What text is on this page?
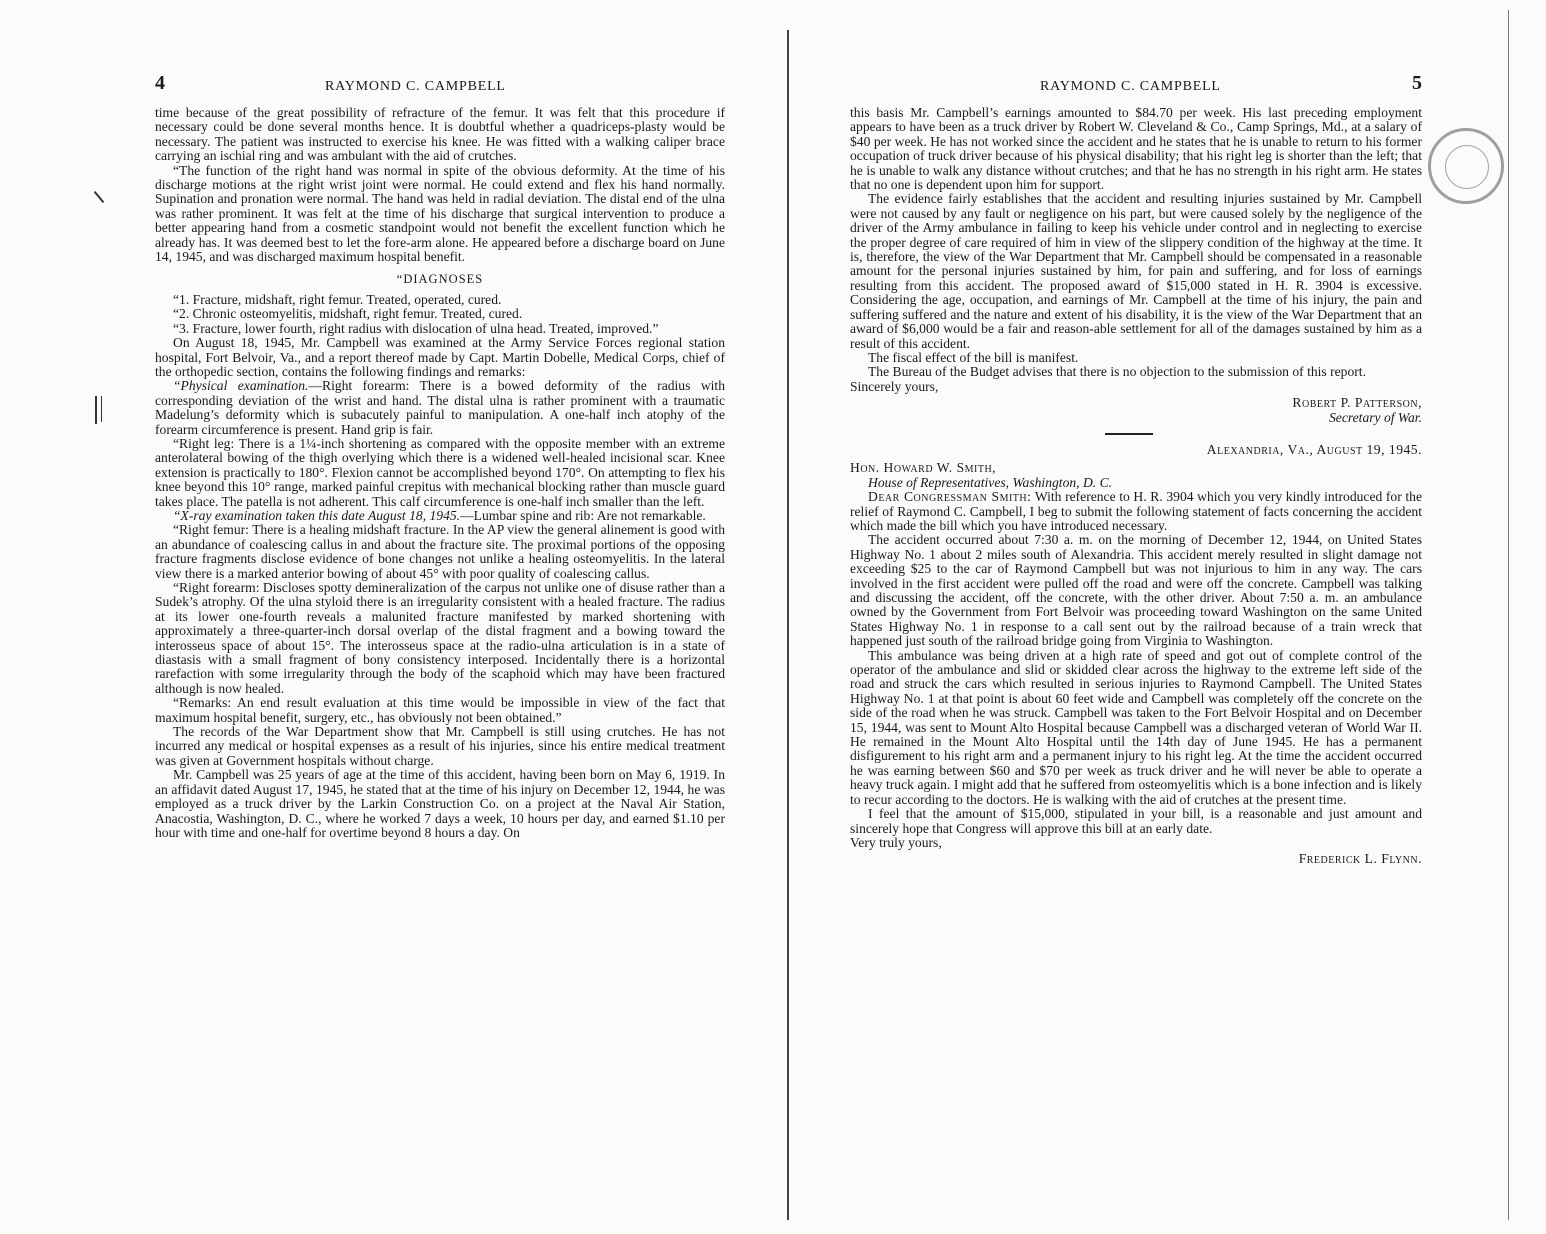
4	RAYMOND C. CAMPBELL

time because of the great possibility of refracture of the femur. It was felt that this procedure if necessary could be done several months hence. It is doubtful whether a quadriceps-plasty would be necessary. The patient was instructed to exercise his knee. He was fitted with a walking caliper brace carrying an ischial ring and was ambulant with the aid of crutches.

“The function of the right hand was normal in spite of the obvious deformity. At the time of his discharge motions at the right wrist joint were normal. He could extend and flex his hand normally. Supination and pronation were normal. The hand was held in radial deviation. The distal end of the ulna was rather prominent. It was felt at the time of his discharge that surgical intervention to produce a better appearing hand from a cosmetic standpoint would not benefit the excellent function which he already has. It was deemed best to let the fore-arm alone. He appeared before a discharge board on June 14, 1945, and was discharged maximum hospital benefit.

“DIAGNOSES

“1. Fracture, midshaft, right femur. Treated, operated, cured.

“2. Chronic osteomyelitis, midshaft, right femur. Treated, cured.

“3. Fracture, lower fourth, right radius with dislocation of ulna head. Treated, improved.”

On August 18, 1945, Mr. Campbell was examined at the Army Service Forces regional station hospital, Fort Belvoir, Va., and a report thereof made by Capt. Martin Dobelle, Medical Corps, chief of the orthopedic section, contains the following findings and remarks:

“Physical examination.—Right forearm: There is a bowed deformity of the radius with corresponding deviation of the wrist and hand. The distal ulna is rather prominent with a traumatic Madelung’s deformity which is subacutely painful to manipulation. A one-half inch atophy of the forearm circumference is present. Hand grip is fair.

“Right leg: There is a 1¼-inch shortening as compared with the opposite member with an extreme anterolateral bowing of the thigh overlying which there is a widened well-healed incisional scar. Knee extension is practically to 180°. Flexion cannot be accomplished beyond 170°. On attempting to flex his knee beyond this 10° range, marked painful crepitus with mechanical blocking rather than muscle guard takes place. The patella is not adherent. This calf circumference is one-half inch smaller than the left.

“X-ray examination taken this date August 18, 1945.—Lumbar spine and rib: Are not remarkable.

“Right femur: There is a healing midshaft fracture. In the AP view the general alinement is good with an abundance of coalescing callus in and about the fracture site. The proximal portions of the opposing fracture fragments disclose evidence of bone changes not unlike a healing osteomyelitis. In the lateral view there is a marked anterior bowing of about 45° with poor quality of coalescing callus.

“Right forearm: Discloses spotty demineralization of the carpus not unlike one of disuse rather than a Sudek’s atrophy. Of the ulna styloid there is an irregularity consistent with a healed fracture. The radius at its lower one-fourth reveals a malunited fracture manifested by marked shortening with approximately a three-quarter-inch dorsal overlap of the distal fragment and a bowing toward the interosseus space of about 15°. The interosseus space at the radio-ulna articulation is in a state of diastasis with a small fragment of bony consistency interposed. Incidentally there is a horizontal rarefaction with some irregularity through the body of the scaphoid which may have been fractured although is now healed.

“Remarks: An end result evaluation at this time would be impossible in view of the fact that maximum hospital benefit, surgery, etc., has obviously not been obtained.”

The records of the War Department show that Mr. Campbell is still using crutches. He has not incurred any medical or hospital expenses as a result of his injuries, since his entire medical treatment was given at Government hospitals without charge.

Mr. Campbell was 25 years of age at the time of this accident, having been born on May 6, 1919. In an affidavit dated August 17, 1945, he stated that at the time of his injury on December 12, 1944, he was employed as a truck driver by the Larkin Construction Co. on a project at the Naval Air Station, Anacostia, Washington, D. C., where he worked 7 days a week, 10 hours per day, and earned $1.10 per hour with time and one-half for overtime beyond 8 hours a day. On

RAYMOND C. CAMPBELL	5

this basis Mr. Campbell’s earnings amounted to $84.70 per week. His last preceding employment appears to have been as a truck driver by Robert W. Cleveland & Co., Camp Springs, Md., at a salary of $40 per week. He has not worked since the accident and he states that he is unable to return to his former occupation of truck driver because of his physical disability; that his right leg is shorter than the left; that he is unable to walk any distance without crutches; and that he has no strength in his right arm. He states that no one is dependent upon him for support.

The evidence fairly establishes that the accident and resulting injuries sustained by Mr. Campbell were not caused by any fault or negligence on his part, but were caused solely by the negligence of the driver of the Army ambulance in failing to keep his vehicle under control and in neglecting to exercise the proper degree of care required of him in view of the slippery condition of the highway at the time. It is, therefore, the view of the War Department that Mr. Campbell should be compensated in a reasonable amount for the personal injuries sustained by him, for pain and suffering, and for loss of earnings resulting from this accident. The proposed award of $15,000 stated in H. R. 3904 is excessive. Considering the age, occupation, and earnings of Mr. Campbell at the time of his injury, the pain and suffering suffered and the nature and extent of his disability, it is the view of the War Department that an award of $6,000 would be a fair and reason-able settlement for all of the damages sustained by him as a result of this accident.

The fiscal effect of the bill is manifest.

The Bureau of the Budget advises that there is no objection to the submission of this report.

Sincerely yours,

Robert P. Patterson,
Secretary of War.
Alexandria, Va., August 19, 1945.
Hon. Howard W. Smith,
House of Representatives, Washington, D. C.

Dear Congressman Smith: With reference to H. R. 3904 which you very kindly introduced for the relief of Raymond C. Campbell, I beg to submit the following statement of facts concerning the accident which made the bill which you have introduced necessary.

The accident occurred about 7:30 a. m. on the morning of December 12, 1944, on United States Highway No. 1 about 2 miles south of Alexandria. This accident merely resulted in slight damage not exceeding $25 to the car of Raymond Campbell but was not injurious to him in any way. The cars involved in the first accident were pulled off the road and were off the concrete. Campbell was talking and discussing the accident, off the concrete, with the other driver. About 7:50 a. m. an ambulance owned by the Government from Fort Belvoir was proceeding toward Washington on the same United States Highway No. 1 in response to a call sent out by the railroad because of a train wreck that happened just south of the railroad bridge going from Virginia to Washington.

This ambulance was being driven at a high rate of speed and got out of complete control of the operator of the ambulance and slid or skidded clear across the highway to the extreme left side of the road and struck the cars which resulted in serious injuries to Raymond Campbell. The United States Highway No. 1 at that point is about 60 feet wide and Campbell was completely off the concrete on the side of the road when he was struck. Campbell was taken to the Fort Belvoir Hospital and on December 15, 1944, was sent to Mount Alto Hospital because Campbell was a discharged veteran of World War II. He remained in the Mount Alto Hospital until the 14th day of June 1945. He has a permanent disfigurement to his right arm and a permanent injury to his right leg. At the time the accident occurred he was earning between $60 and $70 per week as truck driver and he will never be able to operate a heavy truck again. I might add that he suffered from osteomyelitis which is a bone infection and is likely to recur according to the doctors. He is walking with the aid of crutches at the present time.

I feel that the amount of $15,000, stipulated in your bill, is a reasonable and just amount and sincerely hope that Congress will approve this bill at an early date.

Very truly yours,

Frederick L. Flynn.
